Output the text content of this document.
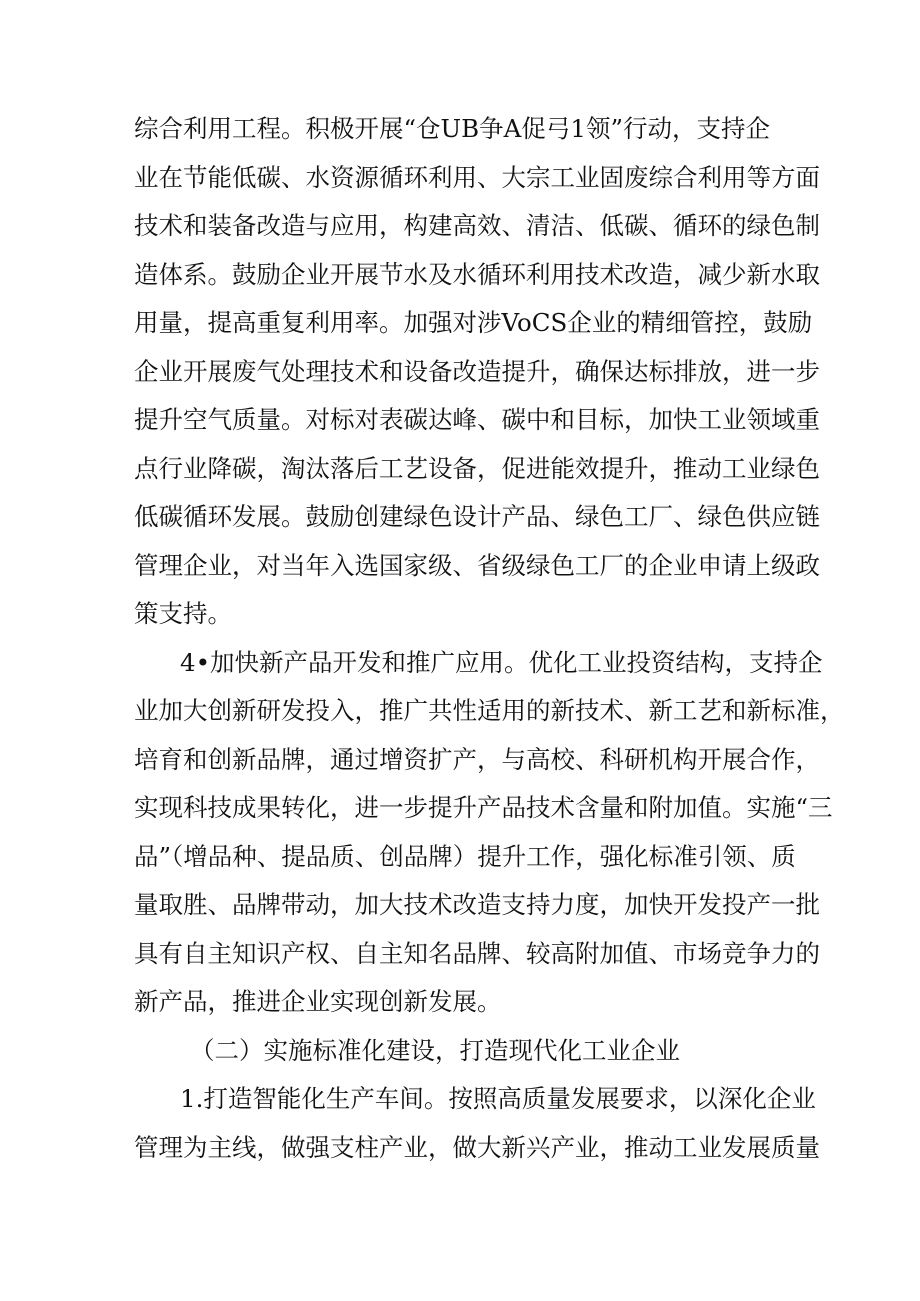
综合利用工程。积极开展“仓UB争A促弓1领”行动，支持企
业在节能低碳、水资源循环利用、大宗工业固废综合利用等方面
技术和装备改造与应用，构建高效、清洁、低碳、循环的绿色制
造体系。鼓励企业开展节水及水循环利用技术改造，减少新水取
用量，提高重复利用率。加强对涉VoCS企业的精细管控，鼓励
企业开展废气处理技术和设备改造提升，确保达标排放，进一步
提升空气质量。对标对表碳达峰、碳中和目标，加快工业领域重
点行业降碳，淘汰落后工艺设备，促进能效提升，推动工业绿色
低碳循环发展。鼓励创建绿色设计产品、绿色工厂、绿色供应链
管理企业，对当年入选国家级、省级绿色工厂的企业申请上级政
策支持。
4•加快新产品开发和推广应用。优化工业投资结构，支持企
业加大创新研发投入，推广共性适用的新技术、新工艺和新标准，
培育和创新品牌，通过增资扩产，与高校、科研机构开展合作，
实现科技成果转化，进一步提升产品技术含量和附加值。实施“三
品”（增品种、提品质、创品牌）提升工作，强化标准引领、质
量取胜、品牌带动，加大技术改造支持力度，加快开发投产一批
具有自主知识产权、自主知名品牌、较高附加值、市场竞争力的
新产品，推进企业实现创新发展。
（二）实施标准化建设，打造现代化工业企业
1.打造智能化生产车间。按照高质量发展要求，以深化企业
管理为主线，做强支柱产业，做大新兴产业，推动工业发展质量
